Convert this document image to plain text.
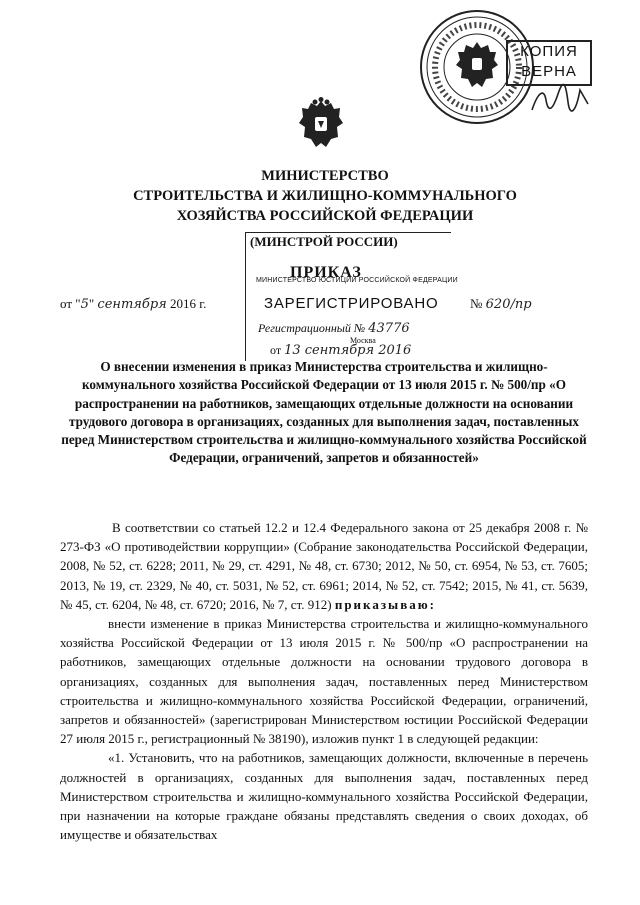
КОПИЯ
ВЕРНА
МИНИСТЕРСТВО
СТРОИТЕЛЬСТВА И ЖИЛИЩНО-КОММУНАЛЬНОГО
ХОЗЯЙСТВА РОССИЙСКОЙ ФЕДЕРАЦИИ
(МИНСТРОЙ РОССИИ)
ПРИКАЗ
от "5" сентября 2016 г.	№ 620/пр
МИНИСТЕРСТВО ЮСТИЦИИ РОССИЙСКОЙ ФЕДЕРАЦИИ
ЗАРЕГИСТРИРОВАНО
Регистрационный № 43776
Москва
от 13 сентября 2016
О внесении изменения в приказ Министерства строительства и жилищно-коммунального хозяйства Российской Федерации от 13 июля 2015 г. № 500/пр «О распространении на работников, замещающих отдельные должности на основании трудового договора в организациях, созданных для выполнения задач, поставленных перед Министерством строительства и жилищно-коммунального хозяйства Российской Федерации, ограничений, запретов и обязанностей»

В соответствии со статьей 12.2 и 12.4 Федерального закона от 25 декабря 2008 г. № 273-ФЗ «О противодействии коррупции» (Собрание законодательства Российской Федерации, 2008, № 52, ст. 6228; 2011, № 29, ст. 4291, № 48, ст. 6730; 2012, № 50, ст. 6954, № 53, ст. 7605; 2013, № 19, ст. 2329, № 40, ст. 5031, № 52, ст. 6961; 2014, № 52, ст. 7542; 2015, № 41, ст. 5639, № 45, ст. 6204, № 48, ст. 6720; 2016, № 7, ст. 912) приказываю:

внести изменение в приказ Министерства строительства и жилищно-коммунального хозяйства Российской Федерации от 13 июля 2015 г. № 500/пр «О распространении на работников, замещающих отдельные должности на основании трудового договора в организациях, созданных для выполнения задач, поставленных перед Министерством строительства и жилищно-коммунального хозяйства Российской Федерации, ограничений, запретов и обязанностей» (зарегистрирован Министерством юстиции Российской Федерации 27 июля 2015 г., регистрационный № 38190), изложив пункт 1 в следующей редакции:

«1. Установить, что на работников, замещающих должности, включенные в перечень должностей в организациях, созданных для выполнения задач, поставленных перед Министерством строительства и жилищно-коммунального хозяйства Российской Федерации, при назначении на которые граждане обязаны представлять сведения о своих доходах, об имуществе и обязательствах
